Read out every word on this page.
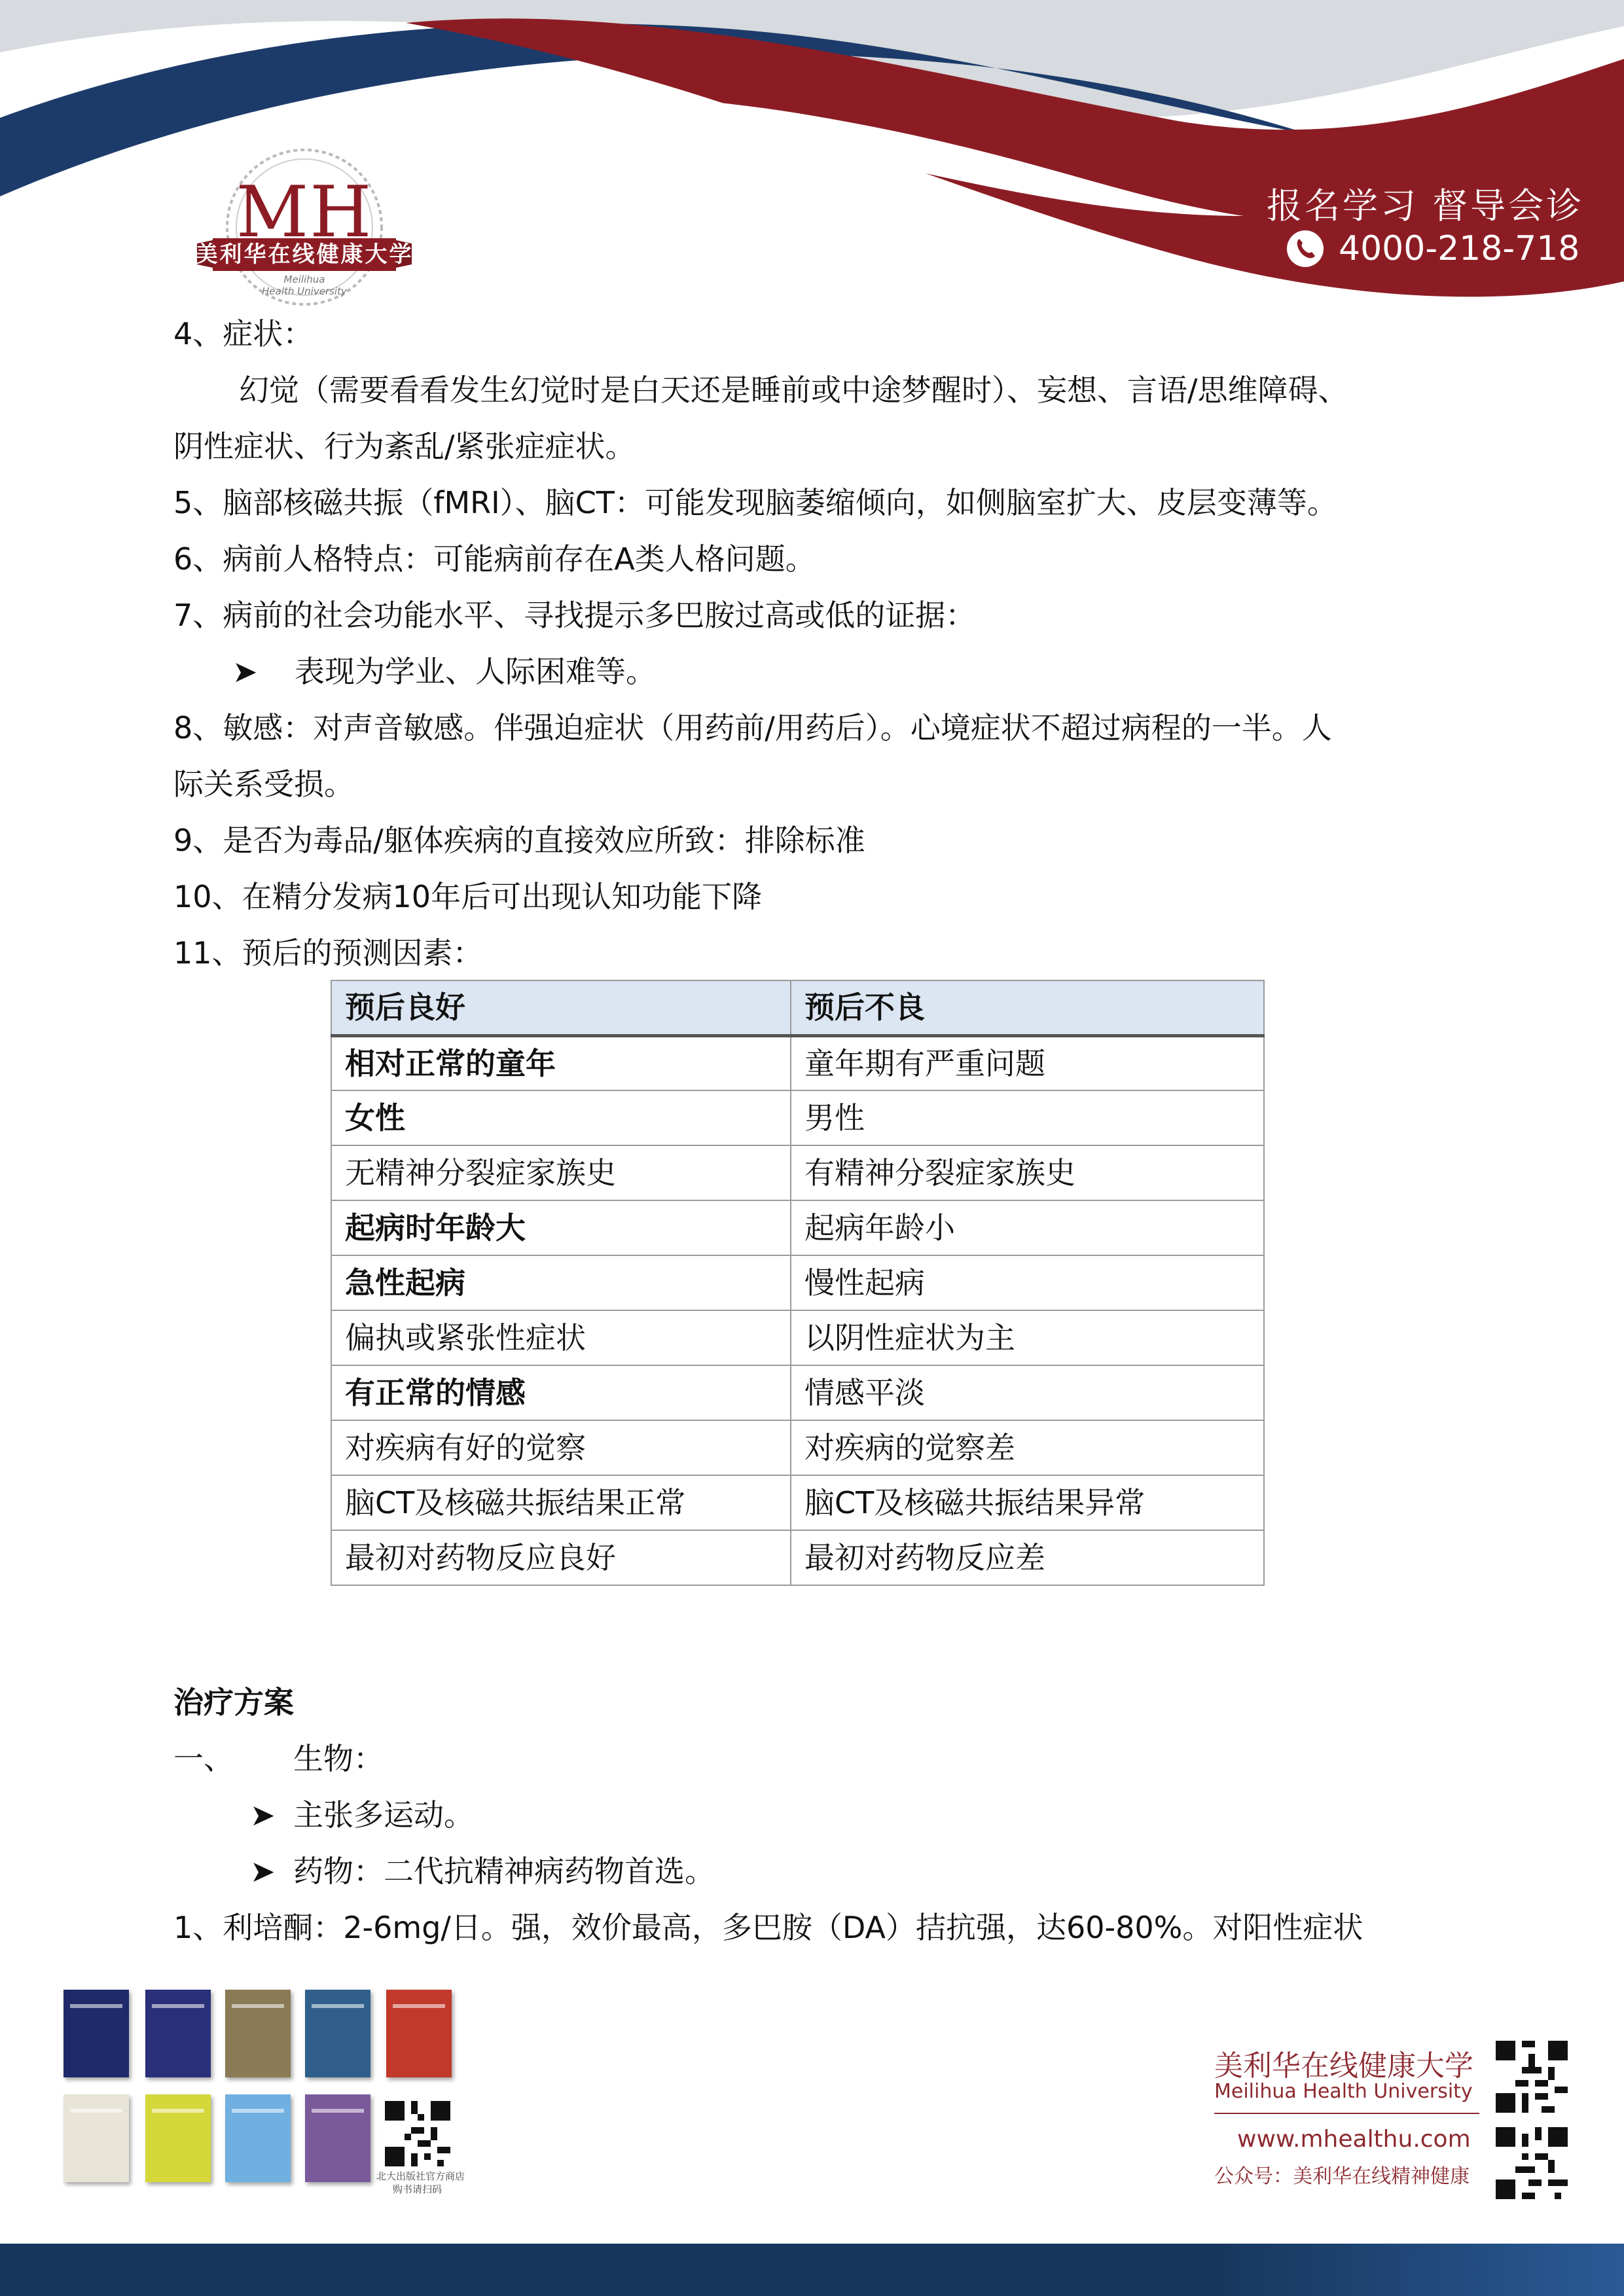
MH
美利华在线健康大学
Meilihua
Health University
报名学习 督导会诊
4000-218-718
4、症状：
幻觉（需要看看发生幻觉时是白天还是睡前或中途梦醒时）、妄想、言语/思维障碍、
阴性症状、行为紊乱/紧张症症状。
5、脑部核磁共振（fMRI）、脑CT：可能发现脑萎缩倾向，如侧脑室扩大、皮层变薄等。
6、病前人格特点：可能病前存在A类人格问题。
7、病前的社会功能水平、寻找提示多巴胺过高或低的证据：
➤ 表现为学业、人际困难等。
8、敏感：对声音敏感。伴强迫症状（用药前/用药后）。心境症状不超过病程的一半。人
际关系受损。
9、是否为毒品/躯体疾病的直接效应所致：排除标准
10、在精分发病10年后可出现认知功能下降
11、预后的预测因素：
预后良好	预后不良
相对正常的童年	童年期有严重问题
女性	男性
无精神分裂症家族史	有精神分裂症家族史
起病时年龄大	起病年龄小
急性起病	慢性起病
偏执或紧张性症状	以阴性症状为主
有正常的情感	情感平淡
对疾病有好的觉察	对疾病的觉察差
脑CT及核磁共振结果正常	脑CT及核磁共振结果异常
最初对药物反应良好	最初对药物反应差
治疗方案
一、 生物：
➤ 主张多运动。
➤ 药物：二代抗精神病药物首选。
1、利培酮：2-6mg/日。强，效价最高，多巴胺（DA）拮抗强，达60-80%。对阳性症状
北大出版社官方商店
购书请扫码
美利华在线健康大学
Meilihua Health University
www.mhealthu.com
公众号：美利华在线精神健康
